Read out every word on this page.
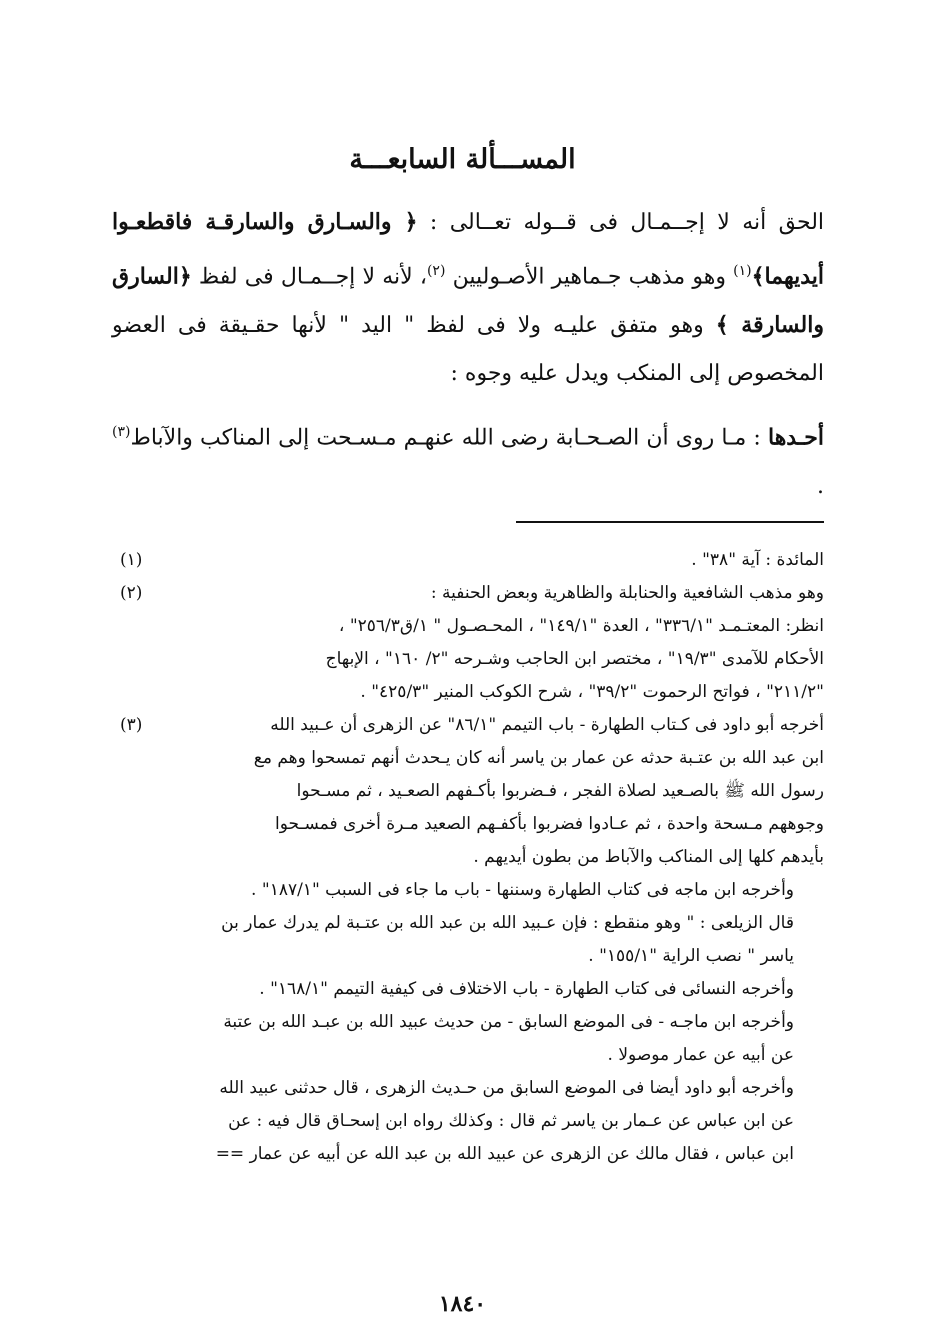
المســـألة السابعـــة

الحق أنه لا إجــمـال فى قــوله تعــالى : ﴿ والسـارق والسارقـة فاقطعـوا أيديهما﴾$^{(١)}$ وهو مذهب جـماهير الأصـوليين $^{(٢)}$، لأنه لا إجــمـال فى لفظ ﴿السارق والسارقة ﴾ وهو متفق عليـه ولا فى لفظ " اليد " لأنها حقـيقة فى العضو المخصوص إلى المنكب ويدل عليه وجوه :

أحـدها : مـا روى أن الصـحـابة رضى الله عنهـم مـسـحت إلى المناكب والآباط$^{(٣)}$ .

(١)	المائدة : آية "٣٨" .
(٢)	وهو مذهب الشافعية والحنابلة والظاهرية وبعض الحنفية :
انظر: المعتـمـد "٣٣٦/١" ، العدة "١٤٩/١" ، المحـصـول " ١/ق٢٥٦/٣" ،
الأحكام للآمدى "١٩/٣" ، مختصر ابن الحاجب وشـرحه "٢/ ١٦٠" ، الإبهاج
"٢١١/٢" ، فواتح الرحموت "٣٩/٢" ، شرح الكوكب المنير "٤٢٥/٣" .
(٣)	أخرجه أبو داود فى كـتاب الطهارة - باب التيمم "٨٦/١" عن الزهرى أن عـبيد الله
ابن عبد الله بن عتـبة حدثه عن عمار بن ياسر أنه كان يـحدث أنهم تمسحوا وهم مع
رسول الله ﷺ بالصـعيد لصلاة الفجر ، فـضربوا بأكـفهم الصعـيد ، ثم مسـحوا
وجوههم مـسحة واحدة ، ثم عـادوا فضربوا بأكفـهم الصعيد مـرة أخرى فمسـحوا
بأيدهم كلها إلى المناكب والآباط من بطون أيديهم .
وأخرجه ابن ماجه فى كتاب الطهارة وسننها - باب ما جاء فى السبب "١٨٧/١" .
قال الزيلعى : " وهو منقطع : فإن عـبيد الله بن عبد الله بن عتـبة لم يدرك عمار بن
ياسر " نصب الراية "١٥٥/١" .
وأخرجه النسائى فى كتاب الطهارة - باب الاختلاف فى كيفية التيمم "١٦٨/١" .
وأخرجه ابن ماجـه - فى الموضع السابق - من حديث عبيد الله بن عبـد الله بن عتبة
عن أبيه عن عمار موصولا .
وأخرجه أبو داود أيضا فى الموضع السابق من حـديث الزهرى ، قال حدثنى عبيد الله
عن ابن عباس عن عـمار بن ياسر ثم قال : وكذلك رواه ابن إسحـاق قال فيه : عن
ابن عباس ، فقال مالك عن الزهرى عن عبيد الله بن عبد الله عن أبيه عن عمار ==
١٨٤٠
